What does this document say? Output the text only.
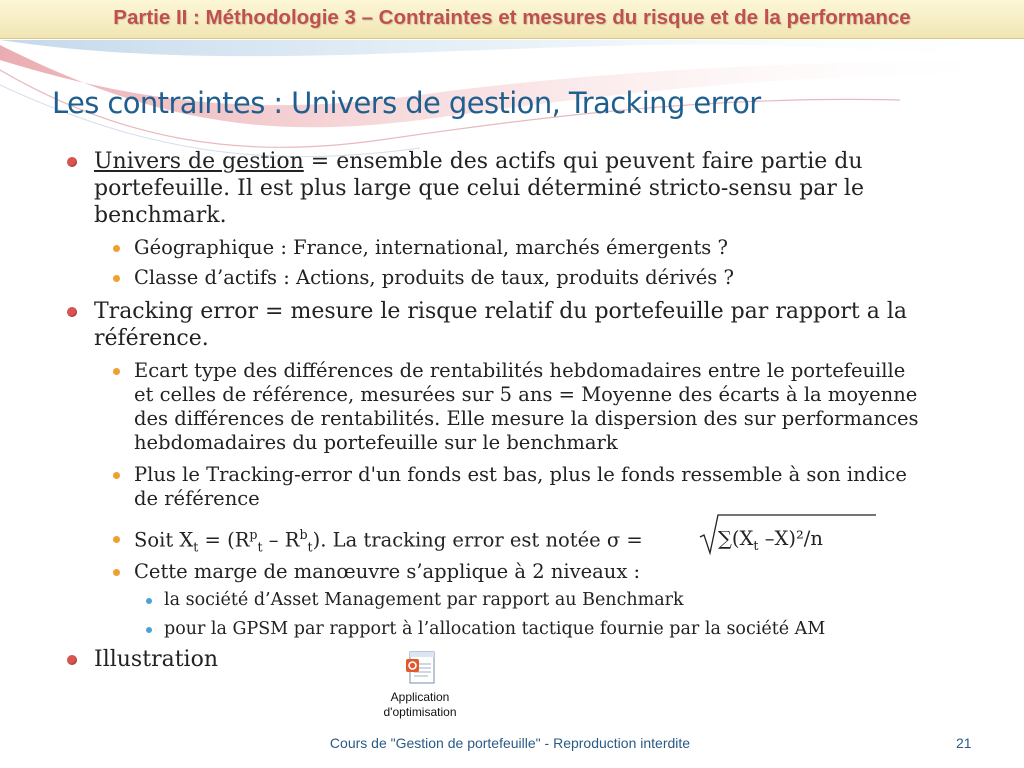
Partie II : Méthodologie 3 – Contraintes et mesures du risque et de la performance
Les contraintes : Univers de gestion, Tracking error
Univers de gestion = ensemble des actifs qui peuvent faire partie du
portefeuille. Il est plus large que celui déterminé stricto-sensu par le
benchmark.
Géographique : France, international, marchés émergents ?
Classe d’actifs : Actions, produits de taux, produits dérivés ?
Tracking error = mesure le risque relatif du portefeuille par rapport a la
référence.
Ecart type des différences de rentabilités hebdomadaires entre le portefeuille
et celles de référence, mesurées sur 5 ans = Moyenne des écarts à la moyenne
des différences de rentabilités. Elle mesure la dispersion des sur performances
hebdomadaires du portefeuille sur le benchmark
Plus le Tracking-error d'un fonds est bas, plus le fonds ressemble à son indice
de référence
Soit $X_t = (R^p_t - R^b_t)$. La tracking error est notée σ =	$\sum(X_t$ –X)²/n
Cette marge de manœuvre s’applique à 2 niveaux :
la société d’Asset Management par rapport au Benchmark
pour la GPSM par rapport à l’allocation tactique fournie par la société AM
Illustration
Application
d'optimisation
Cours de "Gestion de portefeuille" - Reproduction interdite	21
